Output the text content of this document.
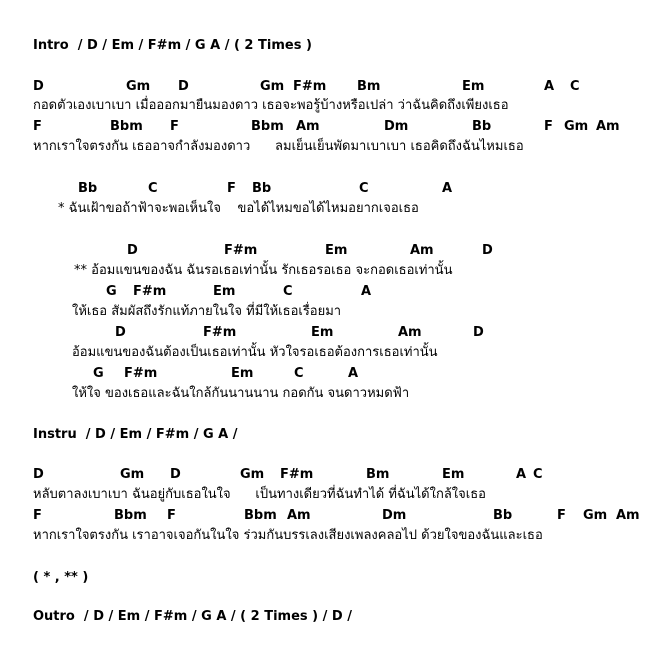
Intro  / D / Em / F#m / G A / ( 2 Times )
D	Gm D	Gm F#m Bm	Em	A C
กอดตัวเองเบาเบา เมื่อออกมายืนมองดาว เธอจะพอรู้บ้างหรือเปล่า ว่าฉันคิดถึงเพียงเธอ
F	Bbm F	Bbm Am	Dm	Bb	F Gm Am
หากเราใจตรงกัน เธออาจกำลังมองดาว      ลมเย็นเย็นพัดมาเบาเบา เธอคิดถึงฉันไหมเธอ
Bb	C	F Bb	C	A
* ฉันเฝ้าขอถ้าฟ้าจะพอเห็นใจ    ขอได้ไหมขอได้ไหมอยากเจอเธอ
D	F#m	Em	Am	D
** อ้อมแขนของฉัน ฉันรอเธอเท่านั้น รักเธอรอเธอ จะกอดเธอเท่านั้น
G F#m	Em	C	A
ให้เธอ สัมผัสถึงรักแท้ภายในใจ ที่มีให้เธอเรื่อยมา
D	F#m	Em	Am	D
อ้อมแขนของฉันต้องเป็นเธอเท่านั้น หัวใจรอเธอต้องการเธอเท่านั้น
G F#m	Em	C	A
ให้ใจ ของเธอและฉันใกล้กันนานนาน กอดกัน จนดาวหมดฟ้า
Instru  / D / Em / F#m / G A /
D	Gm D	Gm F#m	Bm	Em	A C
หลับตาลงเบาเบา ฉันอยู่กับเธอในใจ      เป็นทางเดียวที่ฉันทำได้ ที่ฉันได้ใกล้ใจเธอ
F	Bbm F	Bbm Am	Dm	Bb	F Gm Am
หากเราใจตรงกัน เราอาจเจอกันในใจ ร่วมกันบรรเลงเสียงเพลงคลอไป ด้วยใจของฉันและเธอ
( * , ** )
Outro  / D / Em / F#m / G A / ( 2 Times ) / D /
